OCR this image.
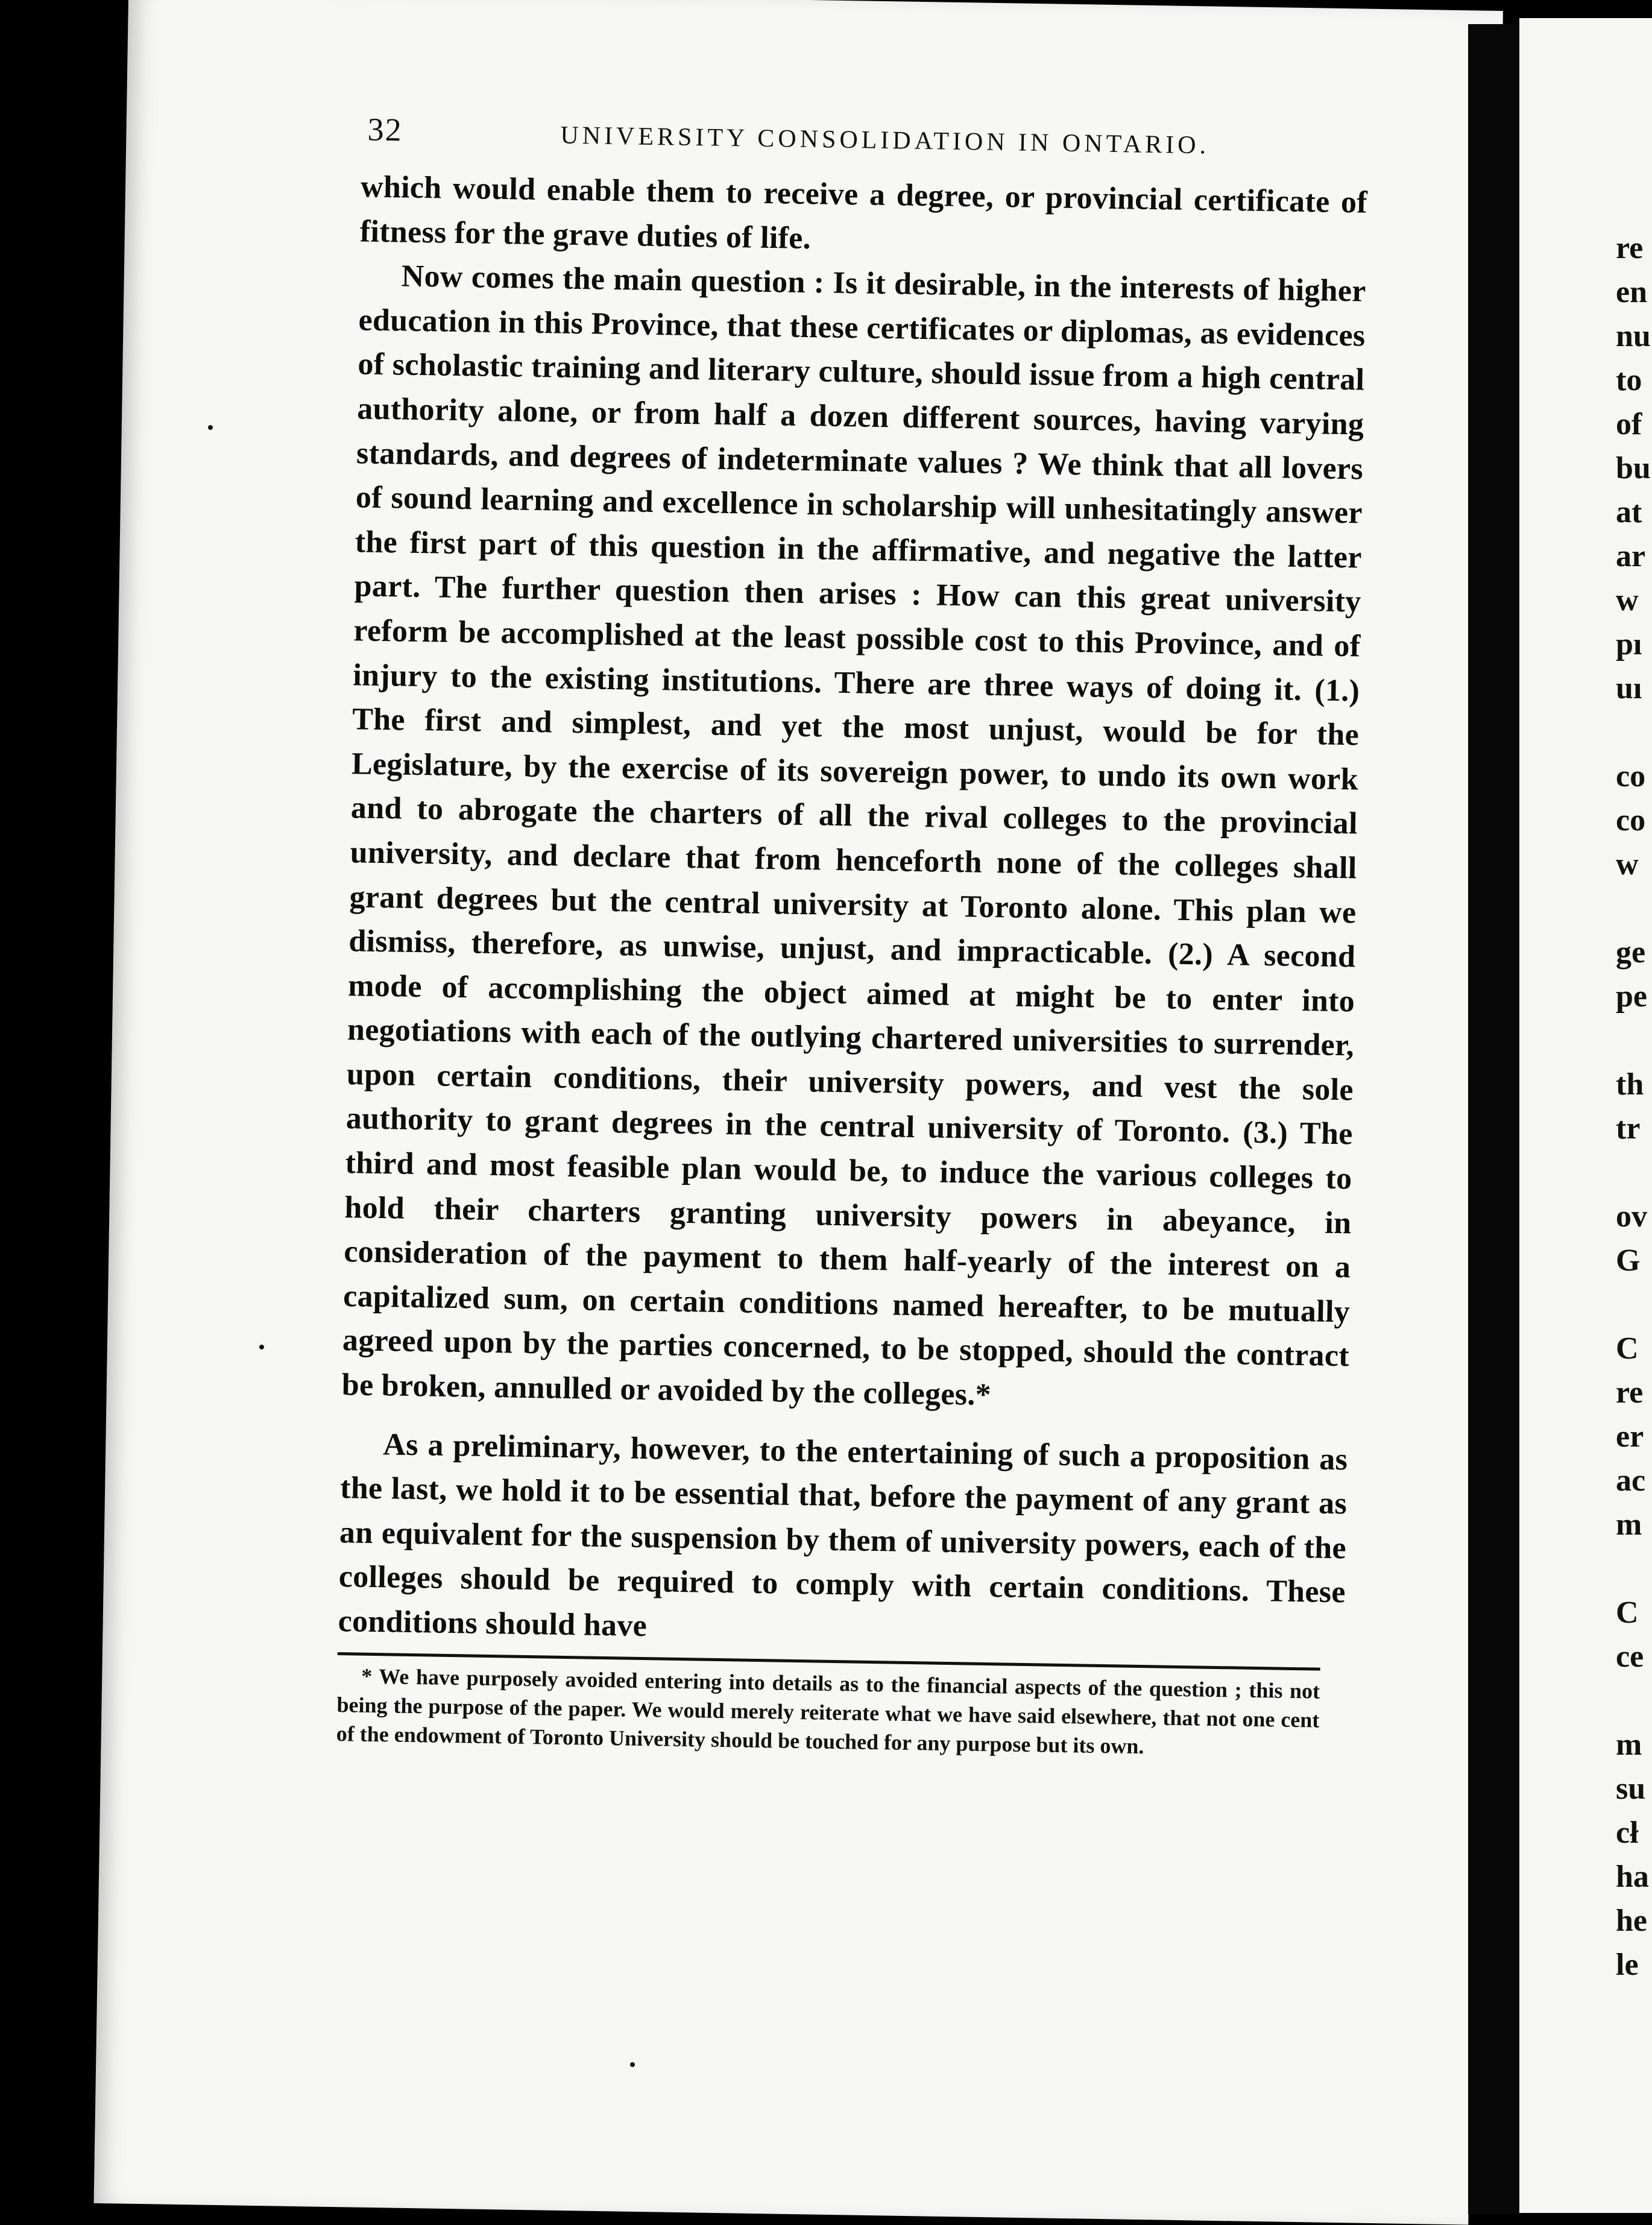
32	UNIVERSITY CONSOLIDATION IN ONTARIO.

which would enable them to receive a degree, or provincial certificate of fitness for the grave duties of life.

Now comes the main question : Is it desirable, in the interests of higher education in this Province, that these certificates or diplomas, as evidences of scholastic training and literary culture, should issue from a high central authority alone, or from half a dozen different sources, having varying standards, and degrees of indeterminate values ? We think that all lovers of sound learning and excellence in scholarship will unhesitatingly answer the first part of this question in the affirmative, and negative the latter part. The further question then arises : How can this great university reform be accomplished at the least possible cost to this Province, and of injury to the existing institutions. There are three ways of doing it. (1.) The first and simplest, and yet the most unjust, would be for the Legislature, by the exercise of its sovereign power, to undo its own work and to abrogate the charters of all the rival colleges to the provincial university, and declare that from henceforth none of the colleges shall grant degrees but the central university at Toronto alone. This plan we dismiss, therefore, as unwise, unjust, and impracticable. (2.) A second mode of accomplishing the object aimed at might be to enter into negotiations with each of the outlying chartered universities to surrender, upon certain conditions, their university powers, and vest the sole authority to grant degrees in the central university of Toronto. (3.) The third and most feasible plan would be, to induce the various colleges to hold their charters granting university powers in abeyance, in consideration of the payment to them half-yearly of the interest on a capitalized sum, on certain conditions named hereafter, to be mutually agreed upon by the parties concerned, to be stopped, should the contract be broken, annulled or avoided by the colleges.*

As a preliminary, however, to the entertaining of such a proposition as the last, we hold it to be essential that, before the payment of any grant as an equivalent for the suspension by them of university powers, each of the colleges should be required to comply with certain conditions. These conditions should have

* We have purposely avoided entering into details as to the financial aspects of the question ; this not being the purpose of the paper. We would merely reiterate what we have said elsewhere, that not one cent of the endowment of Toronto University should be touched for any purpose but its own.
re
en
nu
to
of
bu
at
ar
w
pı
uı
co
co
w
ge
pe
th
tr
ov
G
C
re
er
ac
m
C
ce
m
su
cł
ha
he
le
